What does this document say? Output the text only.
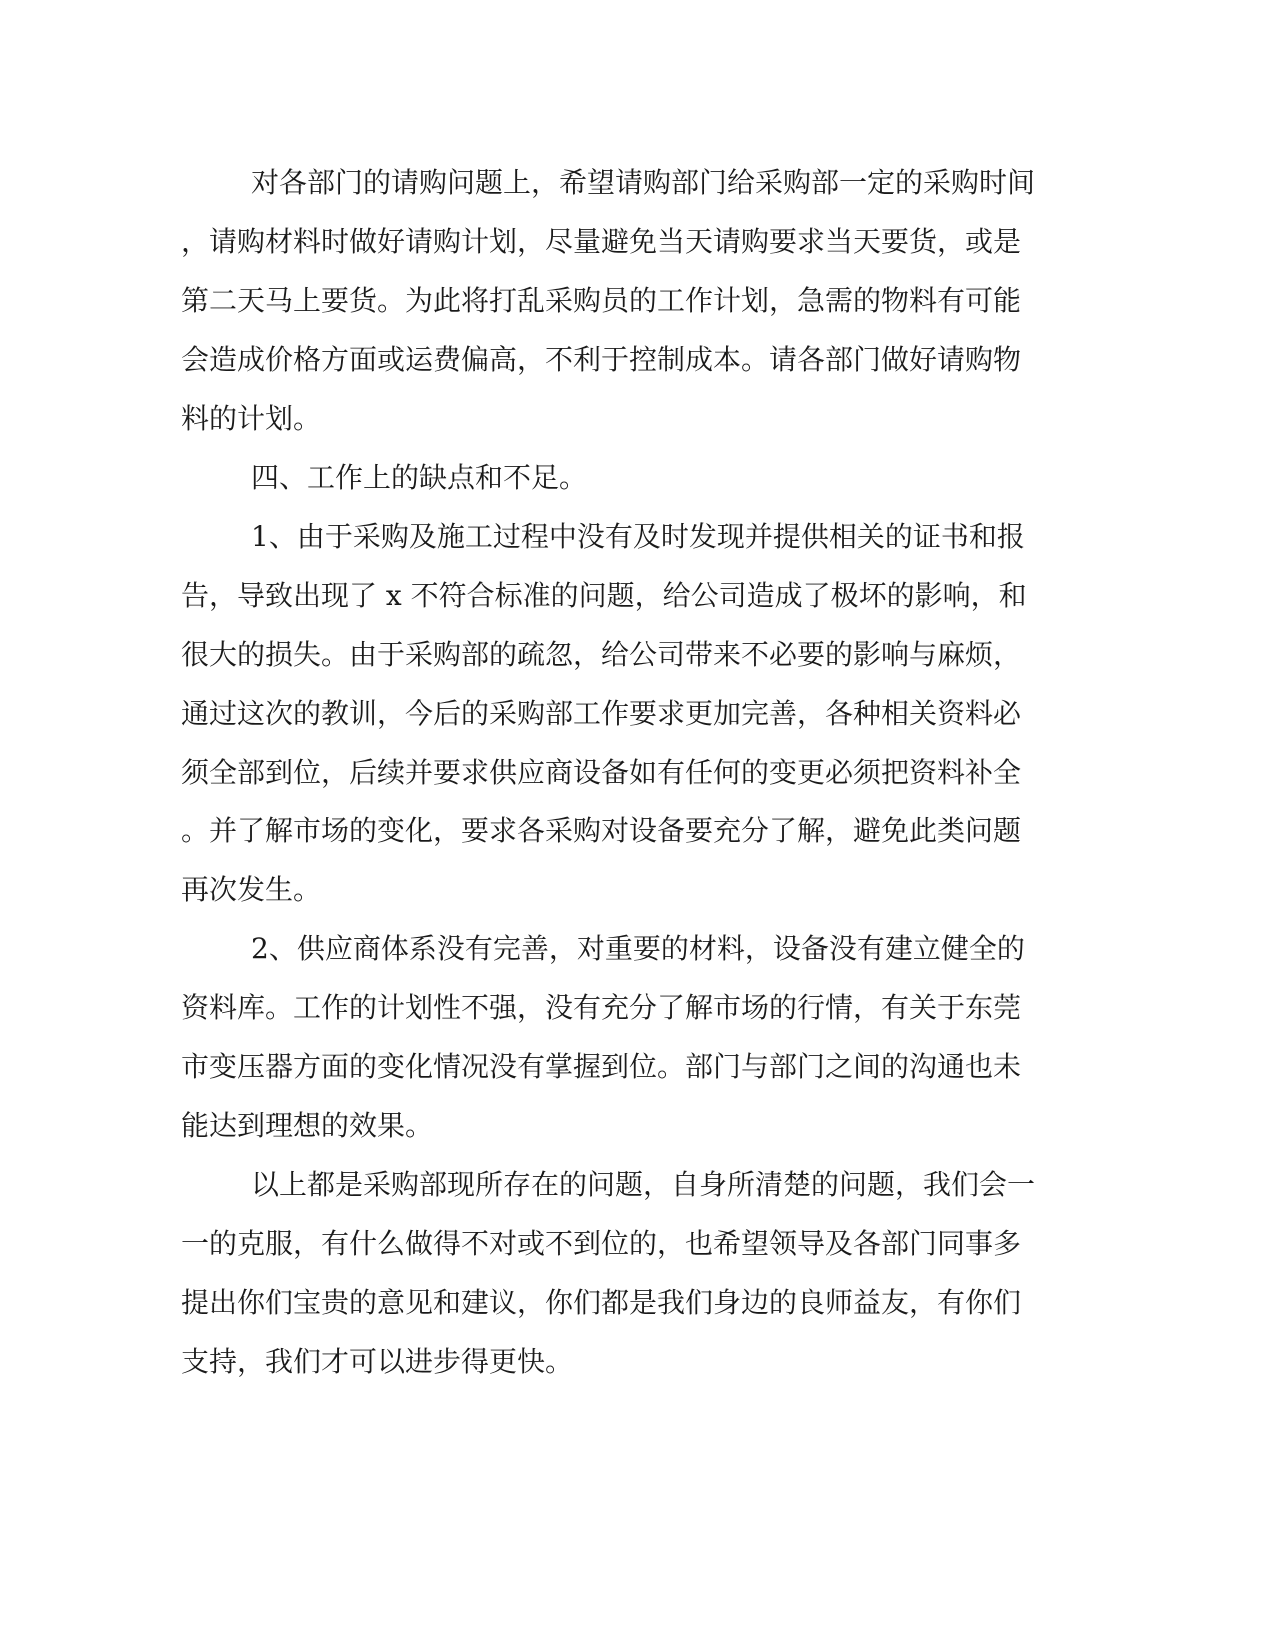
对各部门的请购问题上，希望请购部门给采购部一定的采购时间
，请购材料时做好请购计划，尽量避免当天请购要求当天要货，或是
第二天马上要货。为此将打乱采购员的工作计划，急需的物料有可能
会造成价格方面或运费偏高，不利于控制成本。请各部门做好请购物
料的计划。
四、工作上的缺点和不足。
1、由于采购及施工过程中没有及时发现并提供相关的证书和报
告，导致出现了 x 不符合标准的问题，给公司造成了极坏的影响，和
很大的损失。由于采购部的疏忽，给公司带来不必要的影响与麻烦，
通过这次的教训，今后的采购部工作要求更加完善，各种相关资料必
须全部到位，后续并要求供应商设备如有任何的变更必须把资料补全
。并了解市场的变化，要求各采购对设备要充分了解，避免此类问题
再次发生。
2、供应商体系没有完善，对重要的材料，设备没有建立健全的
资料库。工作的计划性不强，没有充分了解市场的行情，有关于东莞
市变压器方面的变化情况没有掌握到位。部门与部门之间的沟通也未
能达到理想的效果。
以上都是采购部现所存在的问题，自身所清楚的问题，我们会一
一的克服，有什么做得不对或不到位的，也希望领导及各部门同事多
提出你们宝贵的意见和建议，你们都是我们身边的良师益友，有你们
支持，我们才可以进步得更快。
